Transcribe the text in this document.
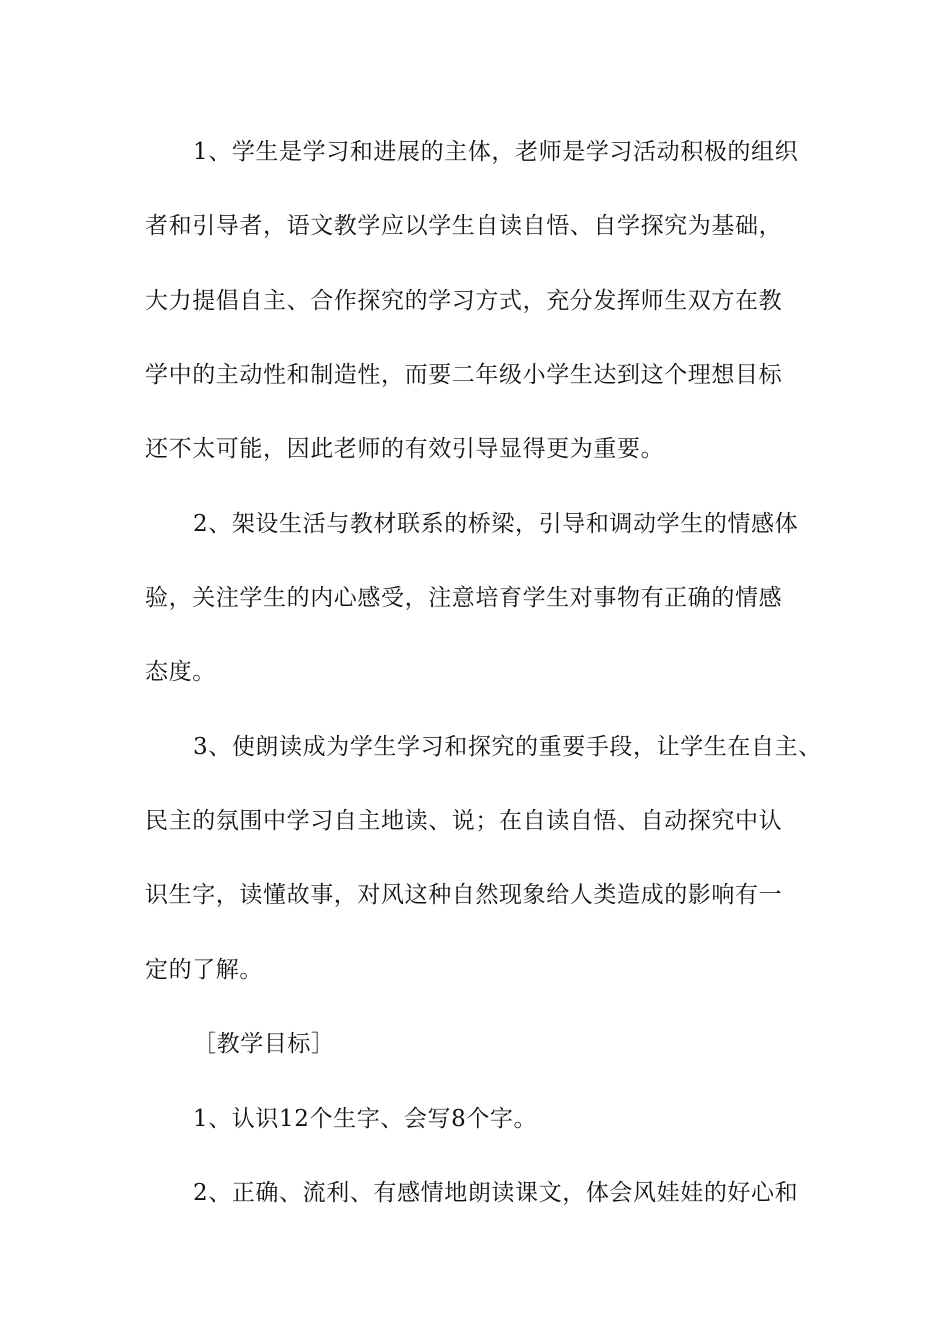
1、学生是学习和进展的主体，老师是学习活动积极的组织
者和引导者，语文教学应以学生自读自悟、自学探究为基础，
大力提倡自主、合作探究的学习方式，充分发挥师生双方在教
学中的主动性和制造性，而要二年级小学生达到这个理想目标
还不太可能，因此老师的有效引导显得更为重要。
2、架设生活与教材联系的桥梁，引导和调动学生的情感体
验，关注学生的内心感受，注意培育学生对事物有正确的情感
态度。
3、使朗读成为学生学习和探究的重要手段，让学生在自主、
民主的氛围中学习自主地读、说；在自读自悟、自动探究中认
识生字，读懂故事，对风这种自然现象给人类造成的影响有一
定的了解。
［教学目标］
1、认识12个生字、会写8个字。
2、正确、流利、有感情地朗读课文，体会风娃娃的好心和
